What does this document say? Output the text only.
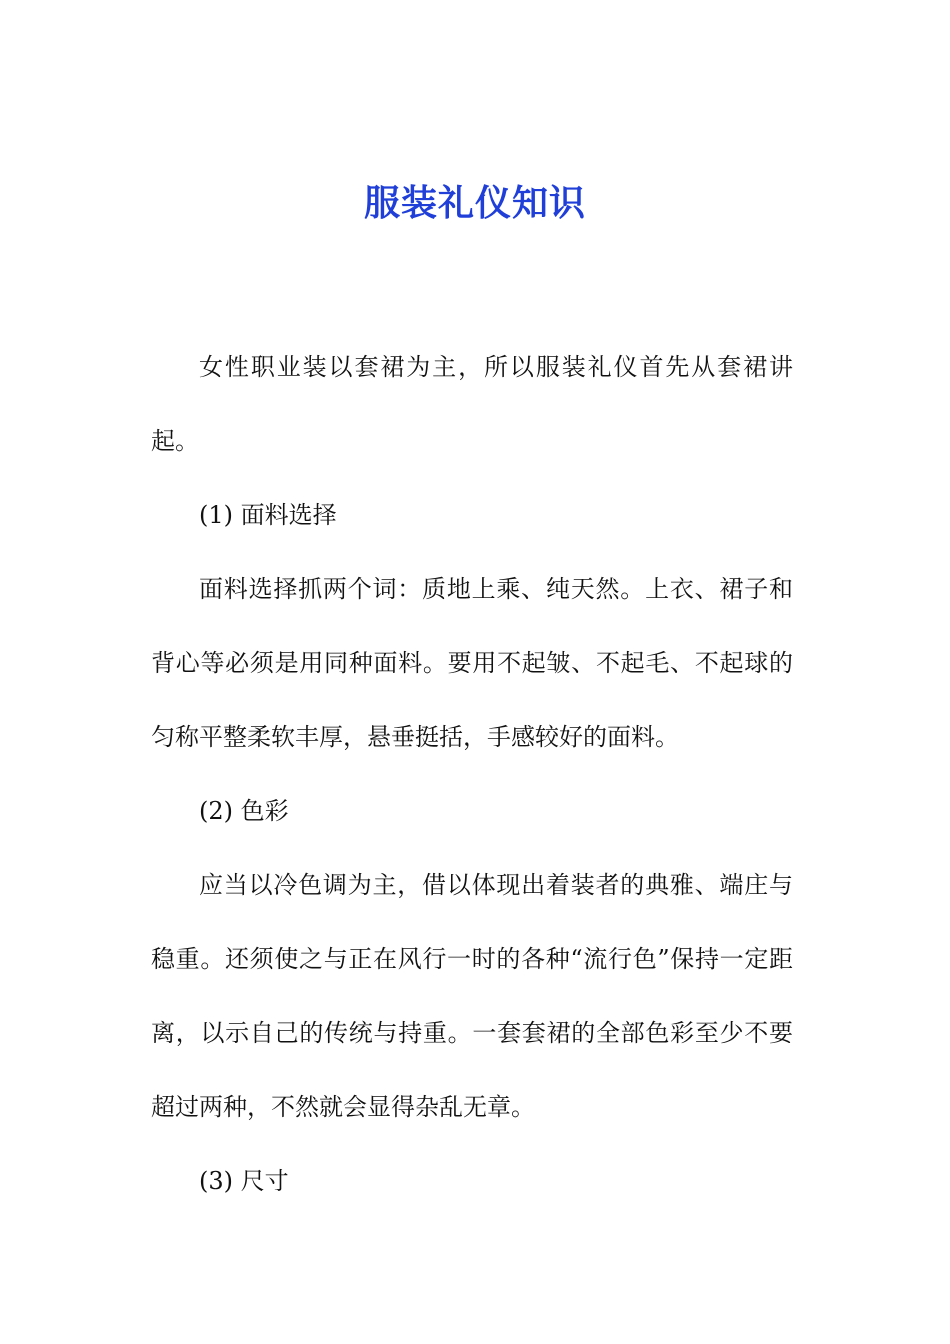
服装礼仪知识

女性职业装以套裙为主，所以服装礼仪首先从套裙讲起。

(1) 面料选择

面料选择抓两个词：质地上乘、纯天然。上衣、裙子和背心等必须是用同种面料。要用不起皱、不起毛、不起球的匀称平整柔软丰厚，悬垂挺括，手感较好的面料。

(2) 色彩

应当以冷色调为主，借以体现出着装者的典雅、端庄与稳重。还须使之与正在风行一时的各种“流行色”保持一定距离，以示自己的传统与持重。一套套裙的全部色彩至少不要超过两种，不然就会显得杂乱无章。

(3) 尺寸
